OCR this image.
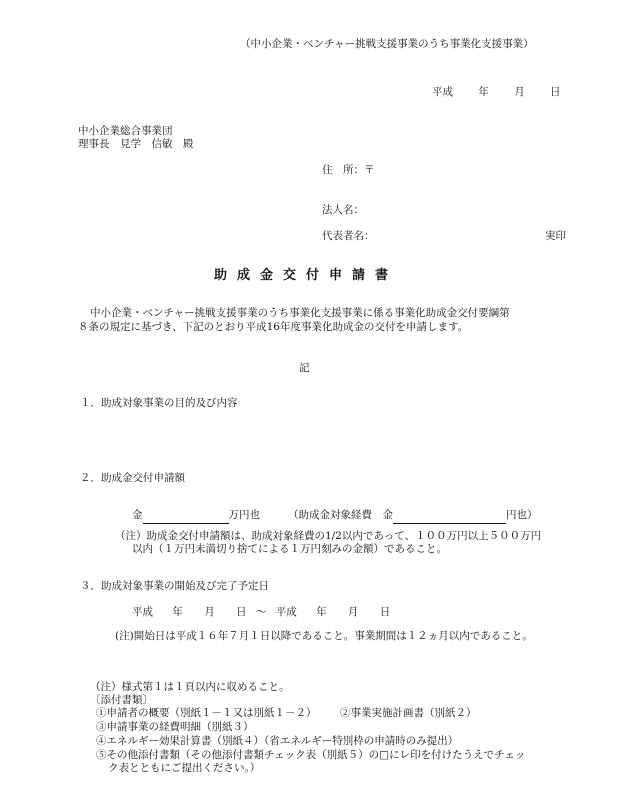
（中小企業・ベンチャー挑戦支援事業のうち事業化支援事業）
平成 年 月 日
中小企業総合事業団
理事長　見学　信敏　殿
住　所：〒
法人名：
代表者名：	実印
助成金交付申請書
中小企業・ベンチャー挑戦支援事業のうち事業化支援事業に係る事業化助成金交付要綱第
８条の規定に基づき、下記のとおり平成16年度事業化助成金の交付を申請します。
記
１．助成対象事業の目的及び内容
２．助成金交付申請額
金	万円也	（助成金対象経費　金	円也）
（注）助成金交付申請額は、助成対象経費の1/2以内であって、１００万円以上５００万円
以内（１万円未満切り捨てによる１万円刻みの金額）であること。
３．助成対象事業の開始及び完了予定日
平成 年 月 日 ～ 平成 年 月 日
(注)開始日は平成１６年７月１日以降であること。事業期間は１２ヵ月以内であること。
（注）様式第１は１頁以内に収めること。
〔添付書類〕
①申請者の概要（別紙１－１又は別紙１－２） ②事業実施計画書（別紙２）
③申請事業の経費明細（別紙３）
④エネルギー効果計算書（別紙４）（省エネルギー特別枠の申請時のみ提出）
⑤その他添付書類（その他添付書類チェック表（別紙５）の□にレ印を付けたうえでチェッ
ク表とともにご提出ください。）
